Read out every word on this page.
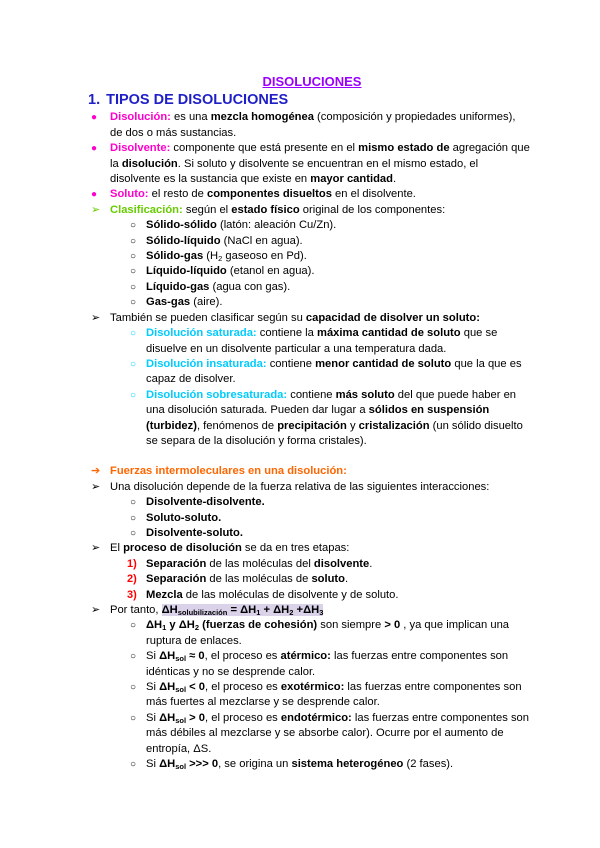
DISOLUCIONES
1. TIPOS DE DISOLUCIONES

● Disolución: es una mezcla homogénea (composición y propiedades uniformes), de dos o más sustancias.

● Disolvente: componente que está presente en el mismo estado de agregación que la disolución. Si soluto y disolvente se encuentran en el mismo estado, el disolvente es la sustancia que existe en mayor cantidad.

● Soluto: el resto de componentes disueltos en el disolvente.

➢ Clasificación: según el estado físico original de los componentes:

○ Sólido-sólido (latón: aleación Cu/Zn).

○ Sólido-líquido (NaCl en agua).

○ Sólido-gas ($H_2$ gaseoso en Pd).

○ Líquido-líquido (etanol en agua).

○ Líquido-gas (agua con gas).

○ Gas-gas (aire).

➢ También se pueden clasificar según su capacidad de disolver un soluto:

○ Disolución saturada: contiene la máxima cantidad de soluto que se disuelve en un disolvente particular a una temperatura dada.

○ Disolución insaturada: contiene menor cantidad de soluto que la que es capaz de disolver.

○ Disolución sobresaturada: contiene más soluto del que puede haber en una disolución saturada. Pueden dar lugar a sólidos en suspensión (turbidez), fenómenos de precipitación y cristalización (un sólido disuelto se separa de la disolución y forma cristales).

➔ Fuerzas intermoleculares en una disolución:

➢ Una disolución depende de la fuerza relativa de las siguientes interacciones:

○ Disolvente-disolvente.

○ Soluto-soluto.

○ Disolvente-soluto.

➢ El proceso de disolución se da en tres etapas:

1) Separación de las moléculas del disolvente.

2) Separación de las moléculas de soluto.

3) Mezcla de las moléculas de disolvente y de soluto.

➢ Por tanto, $\Delta H_{solubilización} = \Delta H_1 + \Delta H_2 +\Delta H_3$

○ $\Delta H_1$ y $\Delta H_2$ (fuerzas de cohesión) son siempre > 0 , ya que implican una ruptura de enlaces.

○ Si $\Delta H_{sol} \approx 0$, el proceso es atérmico: las fuerzas entre componentes son idénticas y no se desprende calor.

○ Si $\Delta H_{sol} < 0$, el proceso es exotérmico: las fuerzas entre componentes son más fuertes al mezclarse y se desprende calor.

○ Si $\Delta H_{sol} > 0$, el proceso es endotérmico: las fuerzas entre componentes son más débiles al mezclarse y se absorbe calor). Ocurre por el aumento de entropía, ΔS.

○ Si $\Delta H_{sol}$ >>> 0, se origina un sistema heterogéneo (2 fases).
